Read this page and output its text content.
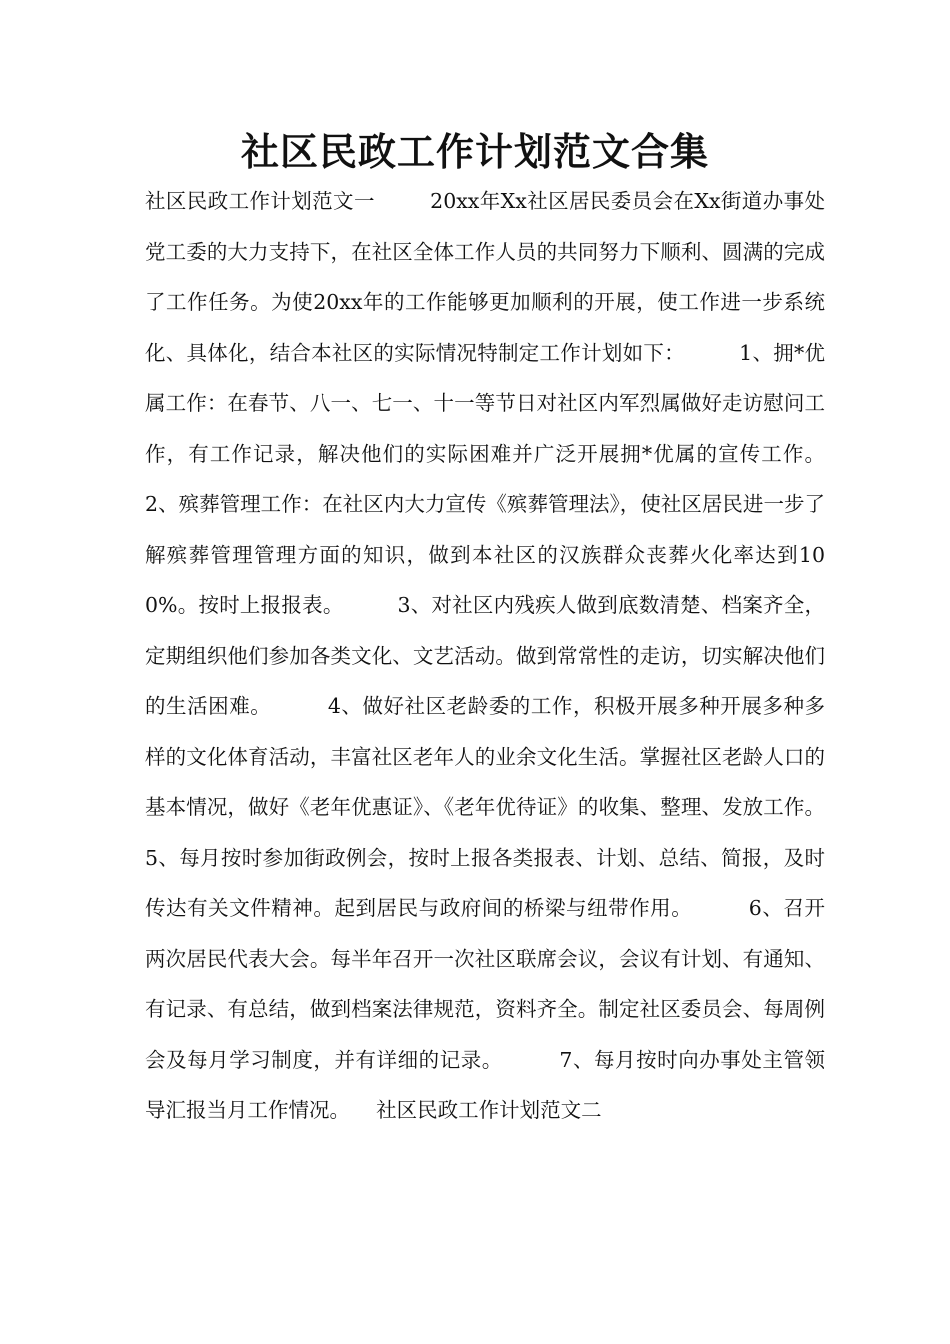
社区民政工作计划范文合集

社区民政工作计划范文一        20xx年Xx社区居民委员会在Xx街道办事处党工委的大力支持下，在社区全体工作人员的共同努力下顺利、圆满的完成了工作任务。为使20xx年的工作能够更加顺利的开展，使工作进一步系统化、具体化，结合本社区的实际情况特制定工作计划如下：        1、拥*优属工作：在春节、八一、七一、十一等节日对社区内军烈属做好走访慰问工作，有工作记录，解决他们的实际困难并广泛开展拥*优属的宣传工作。        2、殡葬管理工作：在社区内大力宣传《殡葬管理法》，使社区居民进一步了解殡葬管理管理方面的知识，做到本社区的汉族群众丧葬火化率达到100%。按时上报报表。        3、对社区内残疾人做到底数清楚、档案齐全，定期组织他们参加各类文化、文艺活动。做到常常性的走访，切实解决他们的生活困难。        4、做好社区老龄委的工作，积极开展多种开展多种多样的文化体育活动，丰富社区老年人的业余文化生活。掌握社区老龄人口的基本情况，做好《老年优惠证》、《老年优待证》的收集、整理、发放工作。        5、每月按时参加街政例会，按时上报各类报表、计划、总结、简报，及时传达有关文件精神。起到居民与政府间的桥梁与纽带作用。        6、召开两次居民代表大会。每半年召开一次社区联席会议，会议有计划、有通知、有记录、有总结，做到档案法律规范，资料齐全。制定社区委员会、每周例会及每月学习制度，并有详细的记录。        7、每月按时向办事处主管领导汇报当月工作情况。    社区民政工作计划范文二
